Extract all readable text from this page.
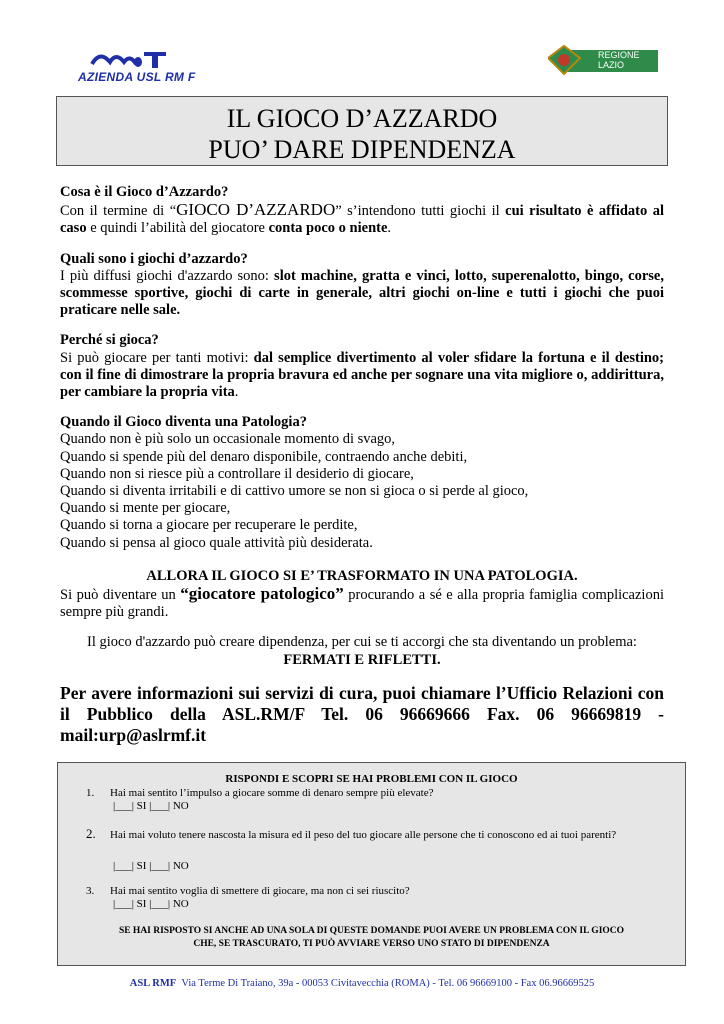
AZIENDA USL RM F
REGIONE
LAZIO
IL GIOCO D’AZZARDO
PUO’ DARE DIPENDENZA
Cosa è il Gioco d’Azzardo?
Con il termine di “GIOCO D’AZZARDO” s’intendono tutti giochi il cui risultato è affidato al caso e quindi l’abilità del giocatore conta poco o niente.
Quali sono i giochi d’azzardo?
I più diffusi giochi d'azzardo sono: slot machine, gratta e vinci, lotto, superenalotto, bingo, corse, scommesse sportive, giochi di carte in generale, altri giochi on-line e tutti i giochi che puoi praticare nelle sale.
Perché si gioca?
Si può giocare per tanti motivi: dal semplice divertimento al voler sfidare la fortuna e il destino; con il fine di dimostrare la propria bravura ed anche per sognare una vita migliore o, addirittura, per cambiare la propria vita.
Quando il Gioco diventa una Patologia?
Quando non è più solo un occasionale momento di svago,
Quando si spende più del denaro disponibile, contraendo anche debiti,
Quando non si riesce più a controllare il desiderio di giocare,
Quando si diventa irritabili e di cattivo umore se non si gioca o si perde al gioco,
Quando si mente per giocare,
Quando si torna a giocare per recuperare le perdite,
Quando si pensa al gioco quale attività più desiderata.
ALLORA IL GIOCO SI E’ TRASFORMATO IN UNA PATOLOGIA.
Si può diventare un “giocatore patologico” procurando a sé e alla propria famiglia complicazioni sempre più grandi.
Il gioco d'azzardo può creare dipendenza, per cui se ti accorgi che sta diventando un problema:
FERMATI E RIFLETTI.
Per avere informazioni sui servizi di cura, puoi chiamare l’Ufficio Relazioni con il Pubblico della ASL.RM/F Tel. 06 96669666 Fax. 06 96669819 - mail:urp@aslrmf.it
RISPONDI E SCOPRI SE HAI PROBLEMI CON IL GIOCO
1. Hai mai sentito l’impulso a giocare somme di denaro sempre più elevate?
|___| SI |___| NO
2. Hai mai voluto tenere nascosta la misura ed il peso del tuo giocare alle persone che ti conoscono ed ai tuoi parenti?
|___| SI |___| NO
3. Hai mai sentito voglia di smettere di giocare, ma non ci sei riuscito?
|___| SI |___| NO
SE HAI RISPOSTO SI ANCHE AD UNA SOLA DI QUESTE DOMANDE PUOI AVERE UN PROBLEMA CON IL GIOCO
CHE, SE TRASCURATO, TI PUÒ AVVIARE VERSO UNO STATO DI DIPENDENZA
ASL RMF Via Terme Di Traiano, 39a - 00053 Civitavecchia (ROMA) - Tel. 06 96669100 - Fax 06.96669525
